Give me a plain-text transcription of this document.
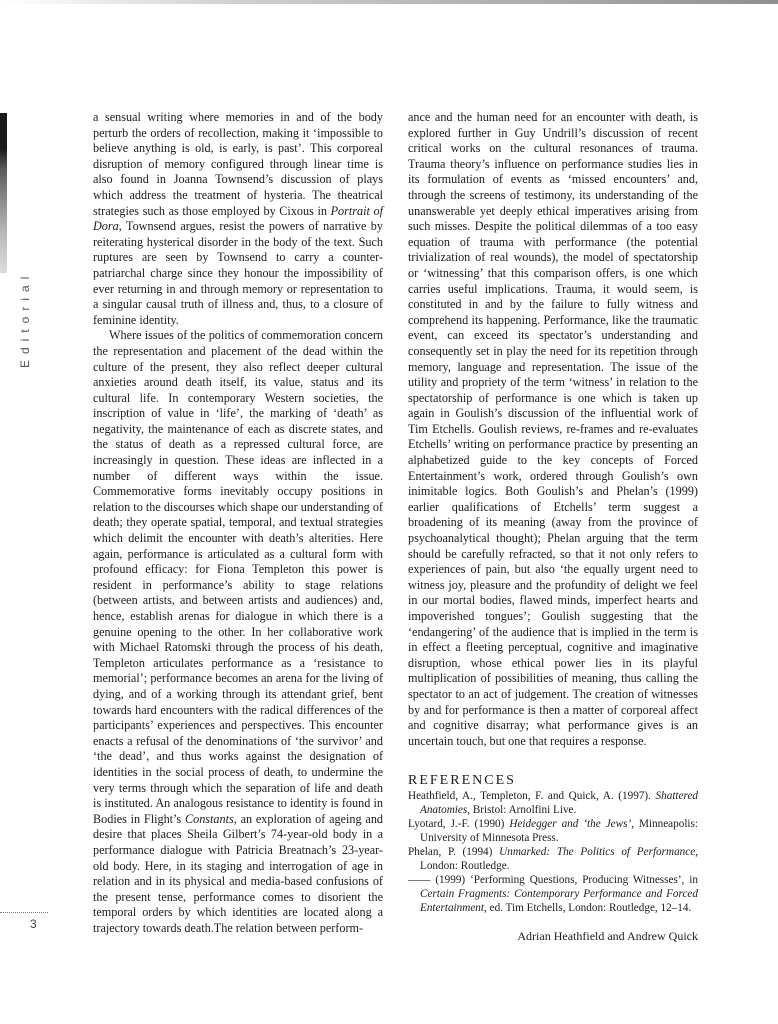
Editorial
3

a sensual writing where memories in and of the body perturb the orders of recollection, making it ‘impossible to believe anything is old, is early, is past’. This corporeal disruption of memory configured through linear time is also found in Joanna Townsend’s discussion of plays which address the treatment of hysteria. The theatrical strategies such as those employed by Cixous in Portrait of Dora, Townsend argues, resist the powers of narrative by reiterating hysterical disorder in the body of the text. Such ruptures are seen by Townsend to carry a counter-patriarchal charge since they honour the impossibility of ever returning in and through memory or representation to a singular causal truth of illness and, thus, to a closure of feminine identity.

Where issues of the politics of commemoration concern the representation and placement of the dead within the culture of the present, they also reflect deeper cultural anxieties around death itself, its value, status and its cultural life. In contemporary Western societies, the inscription of value in ‘life’, the marking of ‘death’ as negativity, the maintenance of each as discrete states, and the status of death as a repressed cultural force, are increasingly in question. These ideas are inflected in a number of different ways within the issue. Commemorative forms inevitably occupy positions in relation to the discourses which shape our understanding of death; they operate spatial, temporal, and textual strategies which delimit the encounter with death’s alterities. Here again, performance is articulated as a cultural form with profound efficacy: for Fiona Templeton this power is resident in performance’s ability to stage relations (between artists, and between artists and audiences) and, hence, establish arenas for dialogue in which there is a genuine opening to the other. In her collaborative work with Michael Ratomski through the process of his death, Templeton articulates performance as a ‘resistance to memorial’; performance becomes an arena for the living of dying, and of a working through its attendant grief, bent towards hard encounters with the radical differences of the participants’ experiences and perspectives. This encounter enacts a refusal of the denominations of ‘the survivor’ and ‘the dead’, and thus works against the designation of identities in the social process of death, to undermine the very terms through which the separation of life and death is instituted. An analogous resistance to identity is found in Bodies in Flight’s Constants, an exploration of ageing and desire that places Sheila Gilbert’s 74-year-old body in a performance dialogue with Patricia Breatnach’s 23-year-old body. Here, in its staging and interrogation of age in relation and in its physical and media-based confusions of the present tense, performance comes to disorient the temporal orders by which identities are located along a trajectory towards death.The relation between perform-

ance and the human need for an encounter with death, is explored further in Guy Undrill’s discussion of recent critical works on the cultural resonances of trauma. Trauma theory’s influence on performance studies lies in its formulation of events as ‘missed encounters’ and, through the screens of testimony, its understanding of the unanswerable yet deeply ethical imperatives arising from such misses. Despite the political dilemmas of a too easy equation of trauma with performance (the potential trivialization of real wounds), the model of spectatorship or ‘witnessing’ that this comparison offers, is one which carries useful implications. Trauma, it would seem, is constituted in and by the failure to fully witness and comprehend its happening. Performance, like the traumatic event, can exceed its spectator’s understanding and consequently set in play the need for its repetition through memory, language and representation. The issue of the utility and propriety of the term ‘witness’ in relation to the spectatorship of performance is one which is taken up again in Goulish’s discussion of the influential work of Tim Etchells. Goulish reviews, re-frames and re-evaluates Etchells’ writing on performance practice by presenting an alphabetized guide to the key concepts of Forced Entertainment’s work, ordered through Goulish’s own inimitable logics. Both Goulish’s and Phelan’s (1999) earlier qualifications of Etchells’ term suggest a broadening of its meaning (away from the province of psychoanalytical thought); Phelan arguing that the term should be carefully refracted, so that it not only refers to experiences of pain, but also ‘the equally urgent need to witness joy, pleasure and the profundity of delight we feel in our mortal bodies, flawed minds, imperfect hearts and impoverished tongues’; Goulish suggesting that the ‘endangering’ of the audience that is implied in the term is in effect a fleeting perceptual, cognitive and imaginative disruption, whose ethical power lies in its playful multiplication of possibilities of meaning, thus calling the spectator to an act of judgement. The creation of witnesses by and for performance is then a matter of corporeal affect and cognitive disarray; what performance gives is an uncertain touch, but one that requires a response.

REFERENCES

Heathfield, A., Templeton, F. and Quick, A. (1997). Shattered Anatomies, Bristol: Arnolfini Live.

Lyotard, J.-F. (1990) Heidegger and ‘the Jews’, Minneapolis: University of Minnesota Press.

Phelan, P. (1994) Unmarked: The Politics of Performance, London: Routledge.

—— (1999) ‘Performing Questions, Producing Witnesses’, in Certain Fragments: Contemporary Performance and Forced Entertainment, ed. Tim Etchells, London: Routledge, 12–14.

Adrian Heathfield and Andrew Quick
